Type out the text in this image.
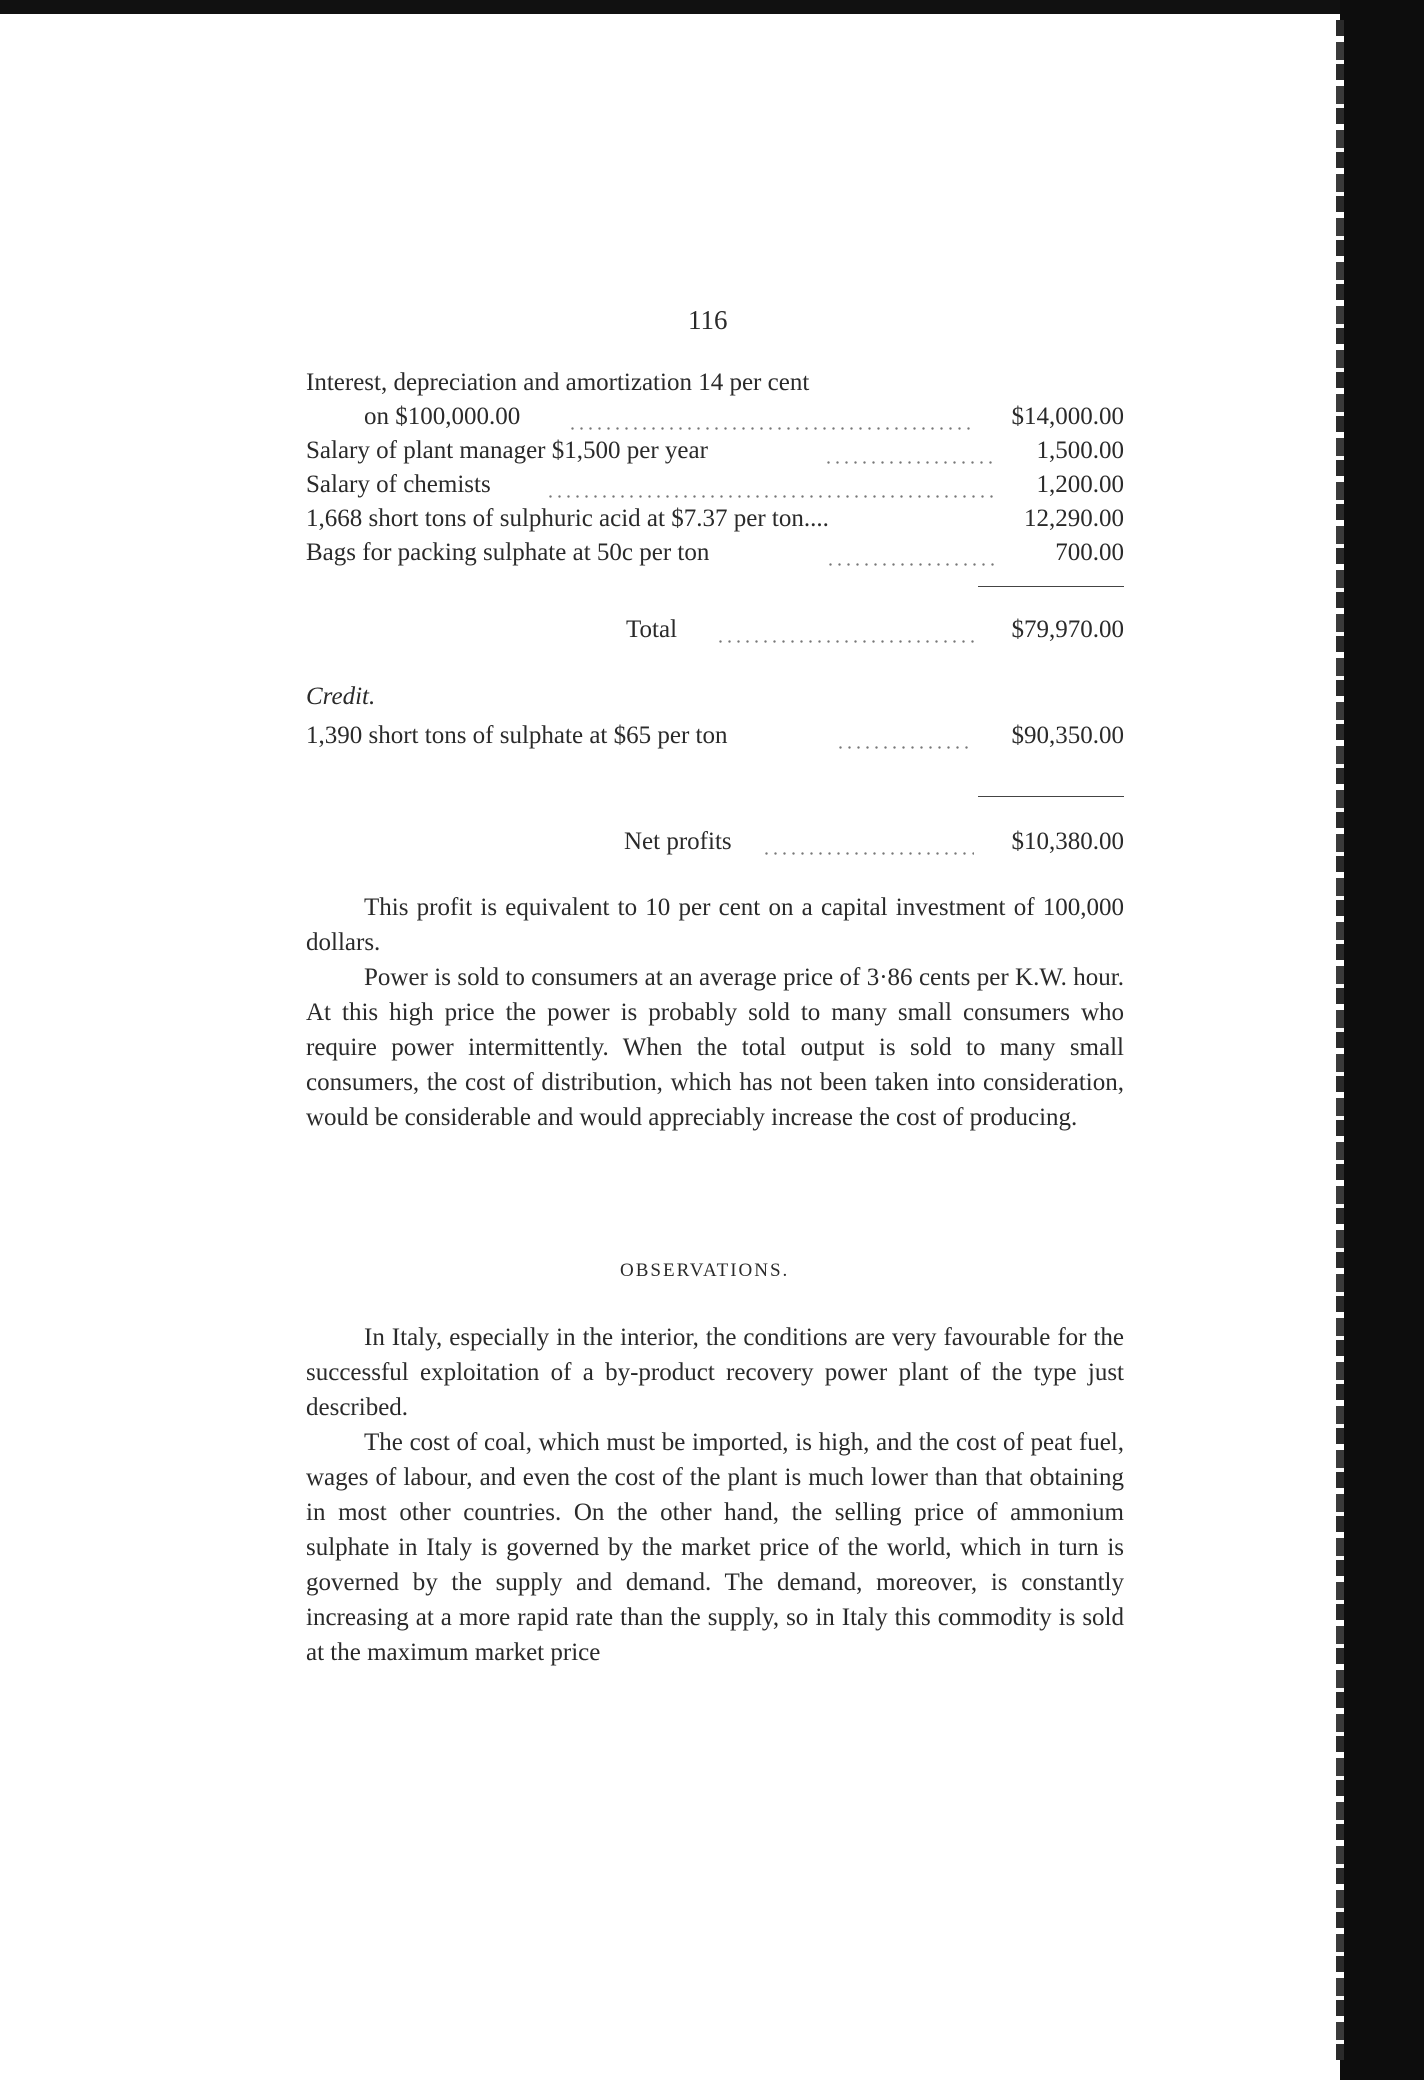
116
Interest, depreciation and amortization 14 per cent
on $100,000.00	$14,000.00
Salary of plant manager $1,500 per year	1,500.00
Salary of chemists	1,200.00
1,668 short tons of sulphuric acid at $7.37 per ton....	12,290.00
Bags for packing sulphate at 50c per ton	700.00
Total	$79,970.00
Credit.
1,390 short tons of sulphate at $65 per ton	$90,350.00
Net profits	$10,380.00

This profit is equivalent to 10 per cent on a capital investment of 100,000 dollars.

Power is sold to consumers at an average price of 3·86 cents per K.W. hour. At this high price the power is probably sold to many small consumers who require power intermittently. When the total output is sold to many small consumers, the cost of distribution, which has not been taken into consideration, would be considerable and would appreciably increase the cost of producing.

OBSERVATIONS.

In Italy, especially in the interior, the conditions are very favourable for the successful exploitation of a by-product recovery power plant of the type just described.

The cost of coal, which must be imported, is high, and the cost of peat fuel, wages of labour, and even the cost of the plant is much lower than that obtaining in most other countries. On the other hand, the selling price of ammonium sulphate in Italy is governed by the market price of the world, which in turn is governed by the supply and demand. The demand, moreover, is constantly increasing at a more rapid rate than the supply, so in Italy this commodity is sold at the maximum market price
